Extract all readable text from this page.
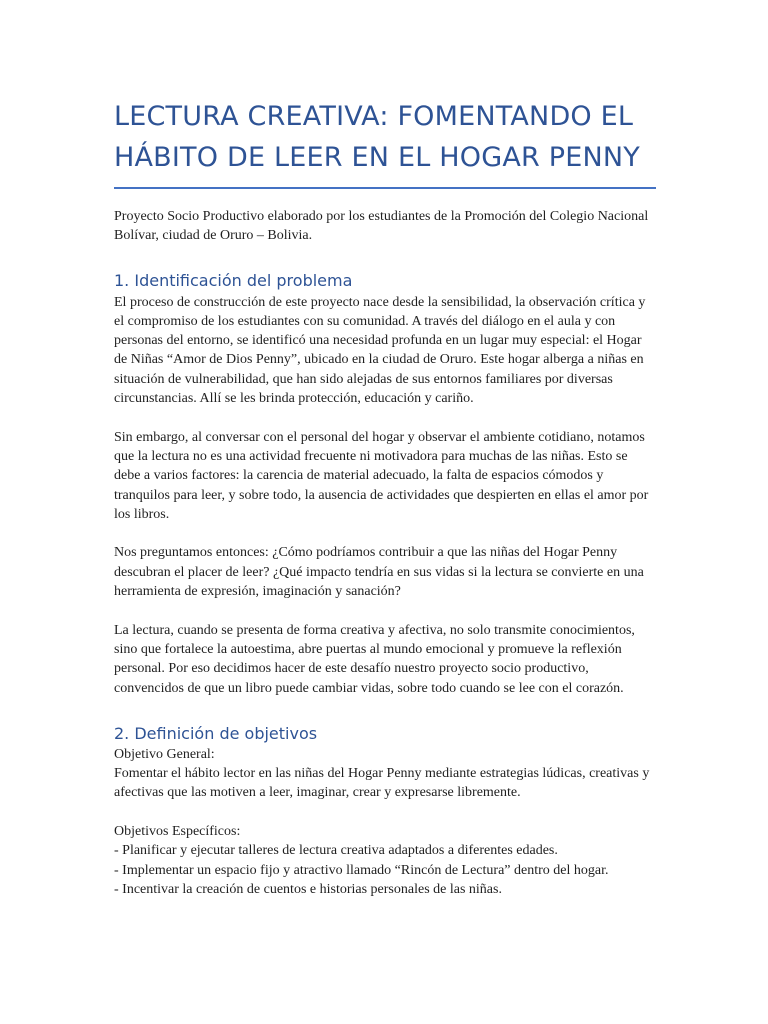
LECTURA CREATIVA: FOMENTANDO EL
HÁBITO DE LEER EN EL HOGAR PENNY

Proyecto Socio Productivo elaborado por los estudiantes de la Promoción del Colegio Nacional Bolívar, ciudad de Oruro – Bolivia.

1. Identificación del problema

El proceso de construcción de este proyecto nace desde la sensibilidad, la observación crítica y el compromiso de los estudiantes con su comunidad. A través del diálogo en el aula y con personas del entorno, se identificó una necesidad profunda en un lugar muy especial: el Hogar de Niñas “Amor de Dios Penny”, ubicado en la ciudad de Oruro. Este hogar alberga a niñas en situación de vulnerabilidad, que han sido alejadas de sus entornos familiares por diversas circunstancias. Allí se les brinda protección, educación y cariño.

Sin embargo, al conversar con el personal del hogar y observar el ambiente cotidiano, notamos que la lectura no es una actividad frecuente ni motivadora para muchas de las niñas. Esto se debe a varios factores: la carencia de material adecuado, la falta de espacios cómodos y tranquilos para leer, y sobre todo, la ausencia de actividades que despierten en ellas el amor por los libros.

Nos preguntamos entonces: ¿Cómo podríamos contribuir a que las niñas del Hogar Penny descubran el placer de leer? ¿Qué impacto tendría en sus vidas si la lectura se convierte en una herramienta de expresión, imaginación y sanación?

La lectura, cuando se presenta de forma creativa y afectiva, no solo transmite conocimientos, sino que fortalece la autoestima, abre puertas al mundo emocional y promueve la reflexión personal. Por eso decidimos hacer de este desafío nuestro proyecto socio productivo, convencidos de que un libro puede cambiar vidas, sobre todo cuando se lee con el corazón.

2. Definición de objetivos

Objetivo General:

Fomentar el hábito lector en las niñas del Hogar Penny mediante estrategias lúdicas, creativas y afectivas que las motiven a leer, imaginar, crear y expresarse libremente.

Objetivos Específicos:

- Planificar y ejecutar talleres de lectura creativa adaptados a diferentes edades.

- Implementar un espacio fijo y atractivo llamado “Rincón de Lectura” dentro del hogar.

- Incentivar la creación de cuentos e historias personales de las niñas.
